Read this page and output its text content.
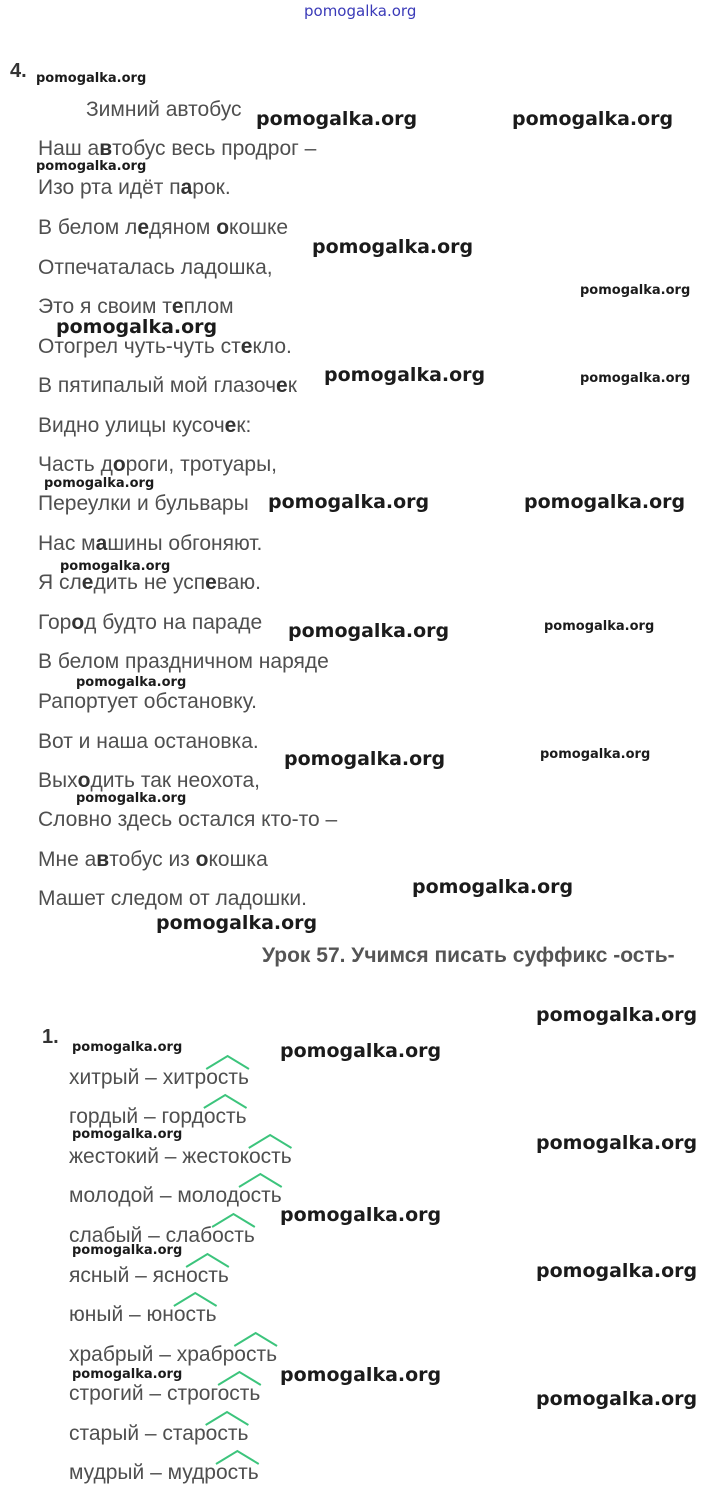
pomogalka.org
4.
Зимний автобус
Наш автобус весь продрог –
Изо рта идёт парок.
В белом ледяном окошке
Отпечаталась ладошка,
Это я своим теплом
Отогрел чуть-чуть стекло.
В пятипалый мой глазочек
Видно улицы кусочек:
Часть дороги, тротуары,
Переулки и бульвары
Нас машины обгоняют.
Я следить не успеваю.
Город будто на параде
В белом праздничном наряде
Рапортует обстановку.
Вот и наша остановка.
Выходить так неохота,
Словно здесь остался кто-то –
Мне автобус из окошка
Машет следом от ладошки.
Урок 57. Учимся писать суффикс -ость-
1.
хитрый – хитрость
гордый – гордость
жестокий – жестокость
молодой – молодость
слабый – слабость
ясный – ясность
юный – юность
храбрый – храбрость
строгий – строгость
старый – старость
мудрый – мудрость
pomogalka.org
pomogalka.org	pomogalka.org
pomogalka.org
pomogalka.org
pomogalka.org
pomogalka.org
pomogalka.org	pomogalka.org
pomogalka.org
pomogalka.org	pomogalka.org
pomogalka.org
pomogalka.org	pomogalka.org
pomogalka.org
pomogalka.org	pomogalka.org
pomogalka.org
pomogalka.org
pomogalka.org
pomogalka.org
pomogalka.org	pomogalka.org
pomogalka.org	pomogalka.org
pomogalka.org
pomogalka.org
pomogalka.org
pomogalka.org	pomogalka.org
pomogalka.org
